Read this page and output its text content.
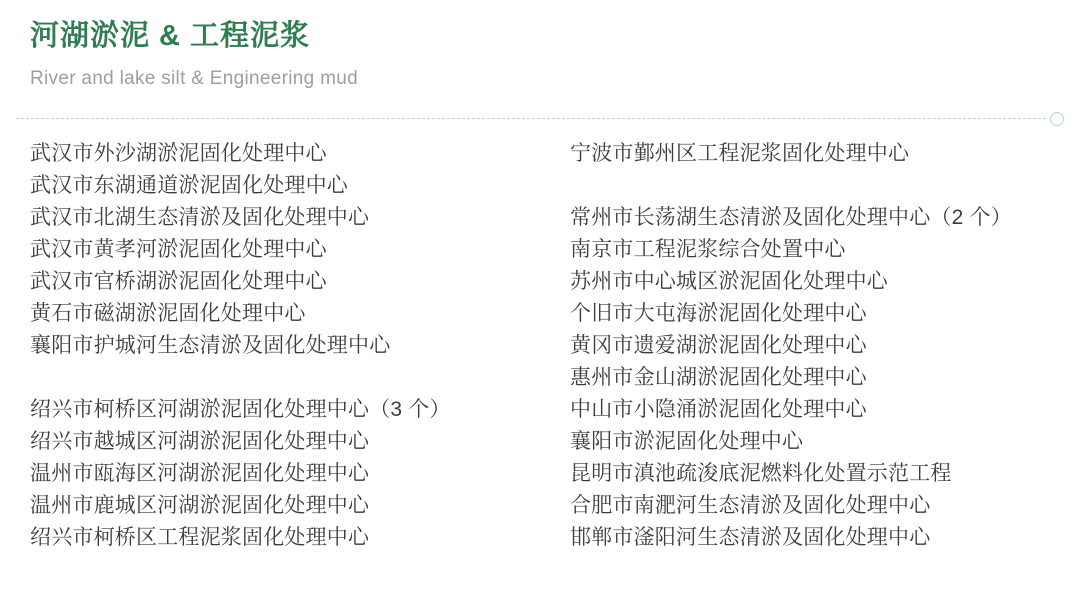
河湖淤泥 & 工程泥浆
River and lake silt & Engineering mud
武汉市外沙湖淤泥固化处理中心
武汉市东湖通道淤泥固化处理中心
武汉市北湖生态清淤及固化处理中心
武汉市黄孝河淤泥固化处理中心
武汉市官桥湖淤泥固化处理中心
黄石市磁湖淤泥固化处理中心
襄阳市护城河生态清淤及固化处理中心
绍兴市柯桥区河湖淤泥固化处理中心（3 个）
绍兴市越城区河湖淤泥固化处理中心
温州市瓯海区河湖淤泥固化处理中心
温州市鹿城区河湖淤泥固化处理中心
绍兴市柯桥区工程泥浆固化处理中心
宁波市鄞州区工程泥浆固化处理中心
常州市长荡湖生态清淤及固化处理中心（2 个）
南京市工程泥浆综合处置中心
苏州市中心城区淤泥固化处理中心
个旧市大屯海淤泥固化处理中心
黄冈市遗爱湖淤泥固化处理中心
惠州市金山湖淤泥固化处理中心
中山市小隐涌淤泥固化处理中心
襄阳市淤泥固化处理中心
昆明市滇池疏浚底泥燃料化处置示范工程
合肥市南淝河生态清淤及固化处理中心
邯郸市滏阳河生态清淤及固化处理中心
